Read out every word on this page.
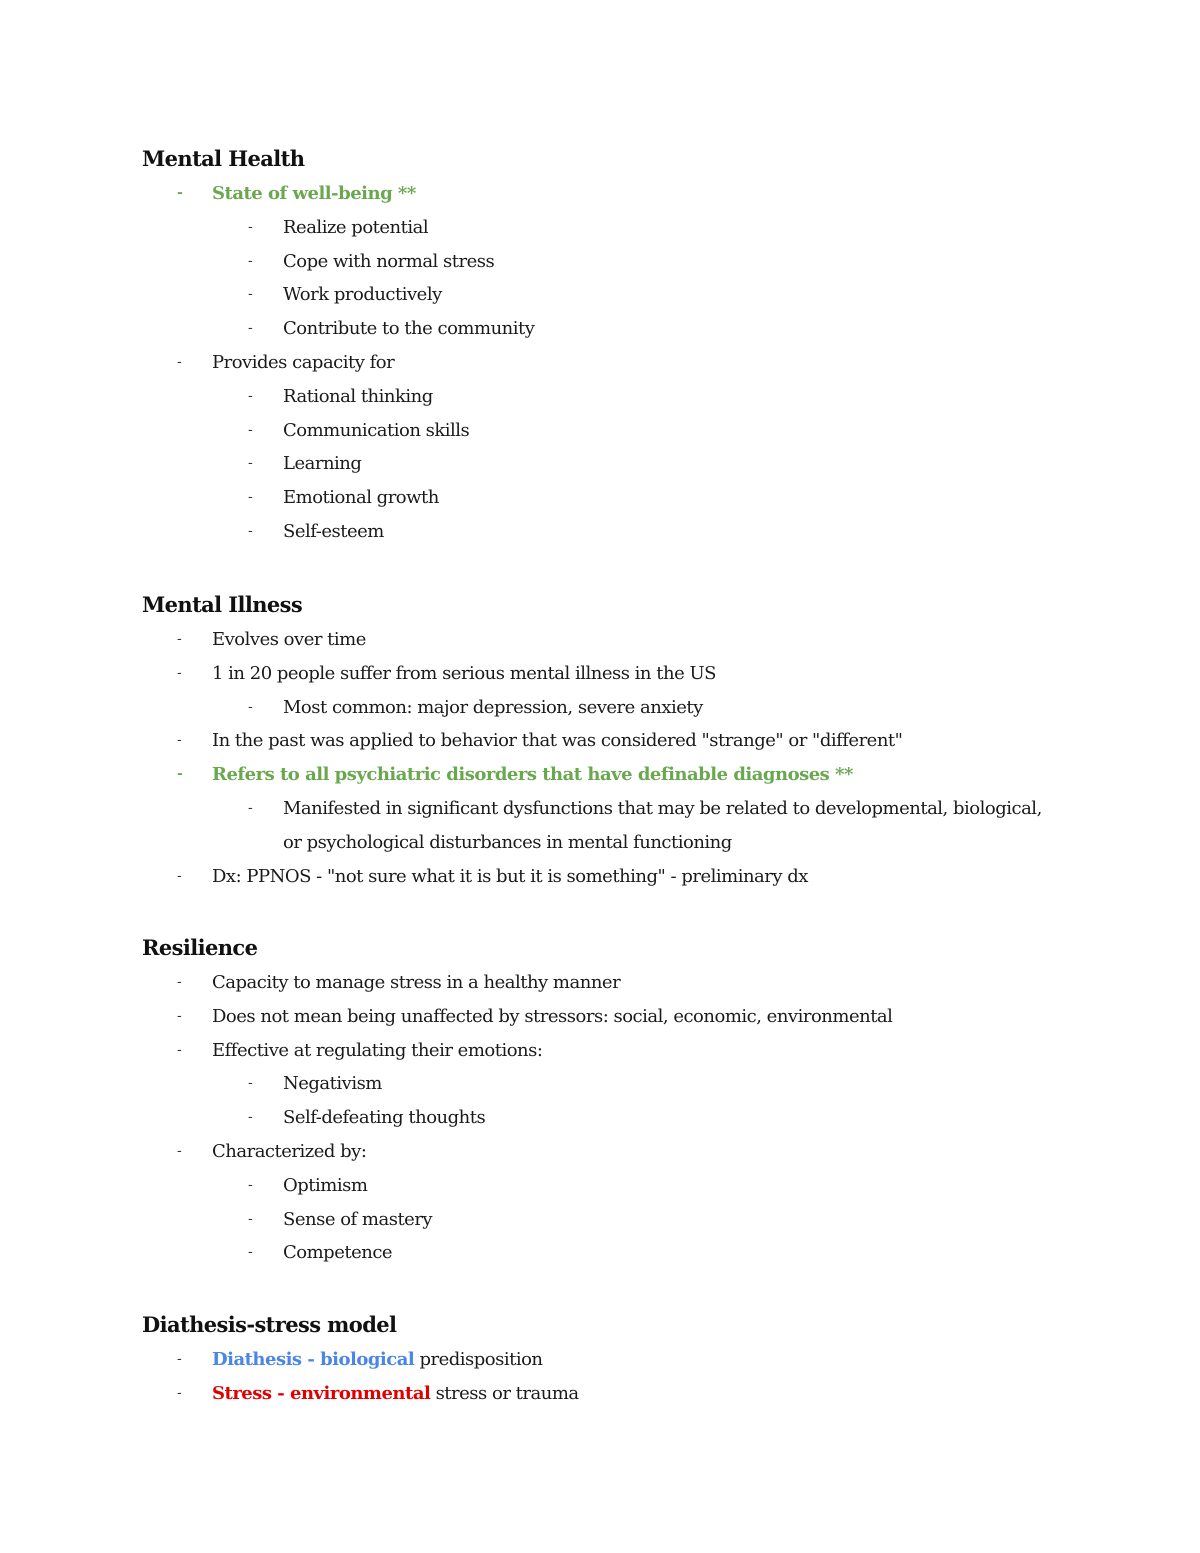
Mental Health
- State of well-being **
- Realize potential
- Cope with normal stress
- Work productively
- Contribute to the community
- Provides capacity for
- Rational thinking
- Communication skills
- Learning
- Emotional growth
- Self-esteem
Mental Illness
- Evolves over time
- 1 in 20 people suffer from serious mental illness in the US
- Most common: major depression, severe anxiety
- In the past was applied to behavior that was considered "strange" or "different"
- Refers to all psychiatric disorders that have definable diagnoses **
- Manifested in significant dysfunctions that may be related to developmental, biological,
or psychological disturbances in mental functioning
- Dx: PPNOS - "not sure what it is but it is something" - preliminary dx
Resilience
- Capacity to manage stress in a healthy manner
- Does not mean being unaffected by stressors: social, economic, environmental
- Effective at regulating their emotions:
- Negativism
- Self-defeating thoughts
- Characterized by:
- Optimism
- Sense of mastery
- Competence
Diathesis-stress model
- Diathesis - biological predisposition
- Stress - environmental stress or trauma
